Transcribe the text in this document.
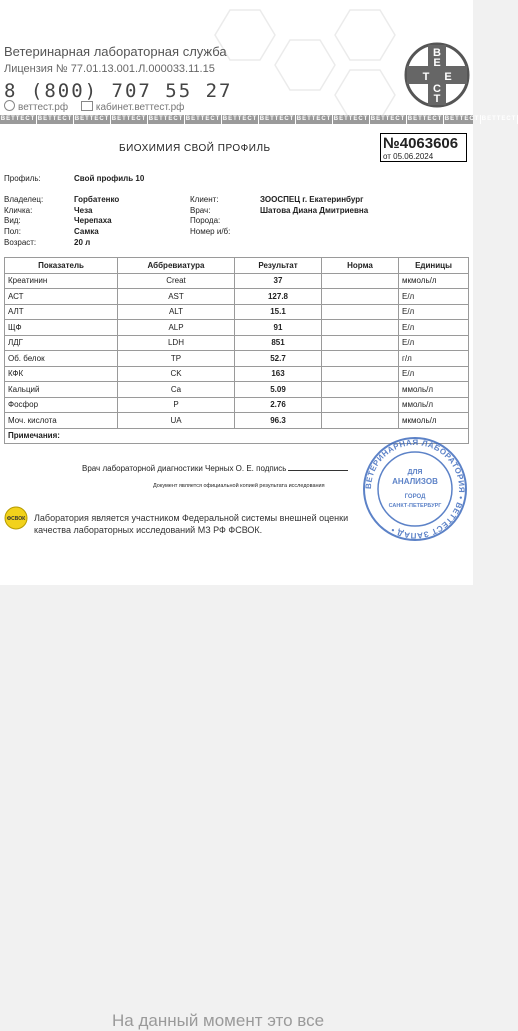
Ветеринарная лабораторная служба
Лицензия № 77.01.13.001.Л.000033.11.15
8 (800) 707 55 27
веттест.рф	кабинет.веттест.рф
В
Е
Т Е
С
Т
ВЕТТЕСТ ВЕТТЕСТ ВЕТТЕСТ ВЕТТЕСТ ВЕТТЕСТ ВЕТТЕСТ ВЕТТЕСТ ВЕТТЕСТ ВЕТТЕСТ ВЕТТЕСТ ВЕТТЕСТ ВЕТТЕСТ ВЕТТЕСТ ВЕТТЕСТ
БИОХИМИЯ СВОЙ ПРОФИЛЬ	№4063606
от 05.06.2024
Профиль:	Свой профиль 10
Владелец:	Горбатенко
Кличка:	Чеза
Вид:	Черепаха
Пол:	Самка
Возраст:	20 л
Клиент:	ЗООСПЕЦ г. Екатеринбург
Врач:	Шатова Диана Дмитриевна
Порода:
Номер и/б:
Показатель	Аббревиатура	Результат	Норма	Единицы
Креатинин	Creat	37		мкмоль/л
АСТ	AST	127.8		Е/л
АЛТ	ALT	15.1		Е/л
ЩФ	ALP	91		Е/л
ЛДГ	LDH	851		Е/л
Об. белок	TP	52.7		г/л
КФК	CK	163		Е/л
Кальций	Ca	5.09		ммоль/л
Фосфор	P	2.76		ммоль/л
Моч. кислота	UA	96.3		мкмоль/л
Примечания:				
Врач лабораторной диагностики Черных О. Е. подпись
Документ является официальной копией результата исследования
ФСВОК Лаборатория является участником Федеральной системы внешней оценки качества лабораторных исследований МЗ РФ ФСВОК.
ВЕТЕРИНАРНАЯ ЛАБОРАТОРИЯ • ВЕТТЕСТ ЗАПАД •
ДЛЯ
АНАЛИЗОВ
ГОРОД
САНКТ-ПЕТЕРБУРГ
На данный момент это все
